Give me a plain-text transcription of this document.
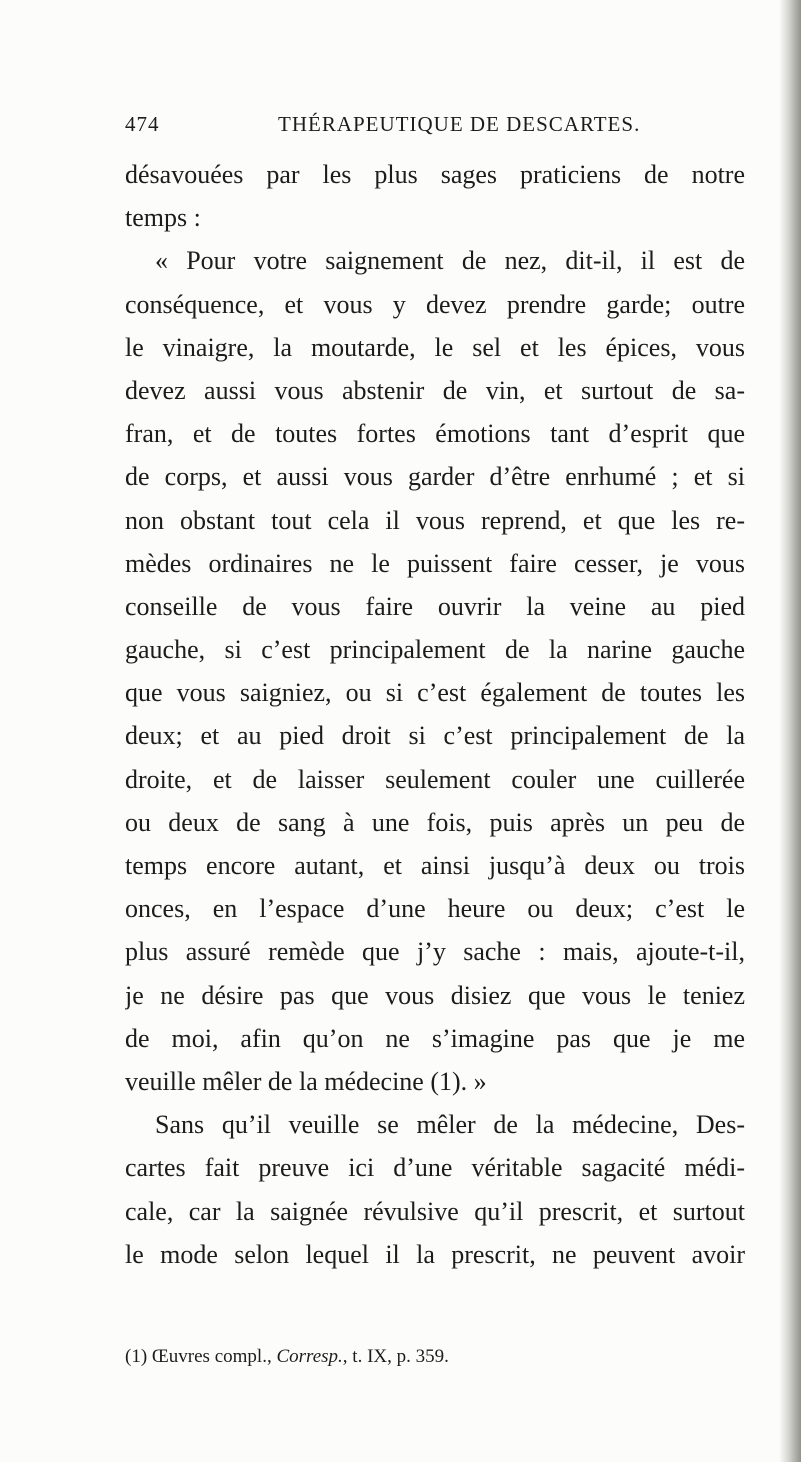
474	THÉRAPEUTIQUE DE DESCARTES.
désavouées par les plus sages praticiens de notre
temps :
« Pour votre saignement de nez, dit-il, il est de
conséquence, et vous y devez prendre garde; outre
le vinaigre, la moutarde, le sel et les épices, vous
devez aussi vous abstenir de vin, et surtout de sa-
fran, et de toutes fortes émotions tant d’esprit que
de corps, et aussi vous garder d’être enrhumé ; et si
non obstant tout cela il vous reprend, et que les re-
mèdes ordinaires ne le puissent faire cesser, je vous
conseille de vous faire ouvrir la veine au pied
gauche, si c’est principalement de la narine gauche
que vous saigniez, ou si c’est également de toutes les
deux; et au pied droit si c’est principalement de la
droite, et de laisser seulement couler une cuillerée
ou deux de sang à une fois, puis après un peu de
temps encore autant, et ainsi jusqu’à deux ou trois
onces, en l’espace d’une heure ou deux; c’est le
plus assuré remède que j’y sache : mais, ajoute-t-il,
je ne désire pas que vous disiez que vous le teniez
de moi, afin qu’on ne s’imagine pas que je me
veuille mêler de la médecine (1). »
Sans qu’il veuille se mêler de la médecine, Des-
cartes fait preuve ici d’une véritable sagacité médi-
cale, car la saignée révulsive qu’il prescrit, et surtout
le mode selon lequel il la prescrit, ne peuvent avoir
(1) Œuvres compl., Corresp., t. IX, p. 359.
